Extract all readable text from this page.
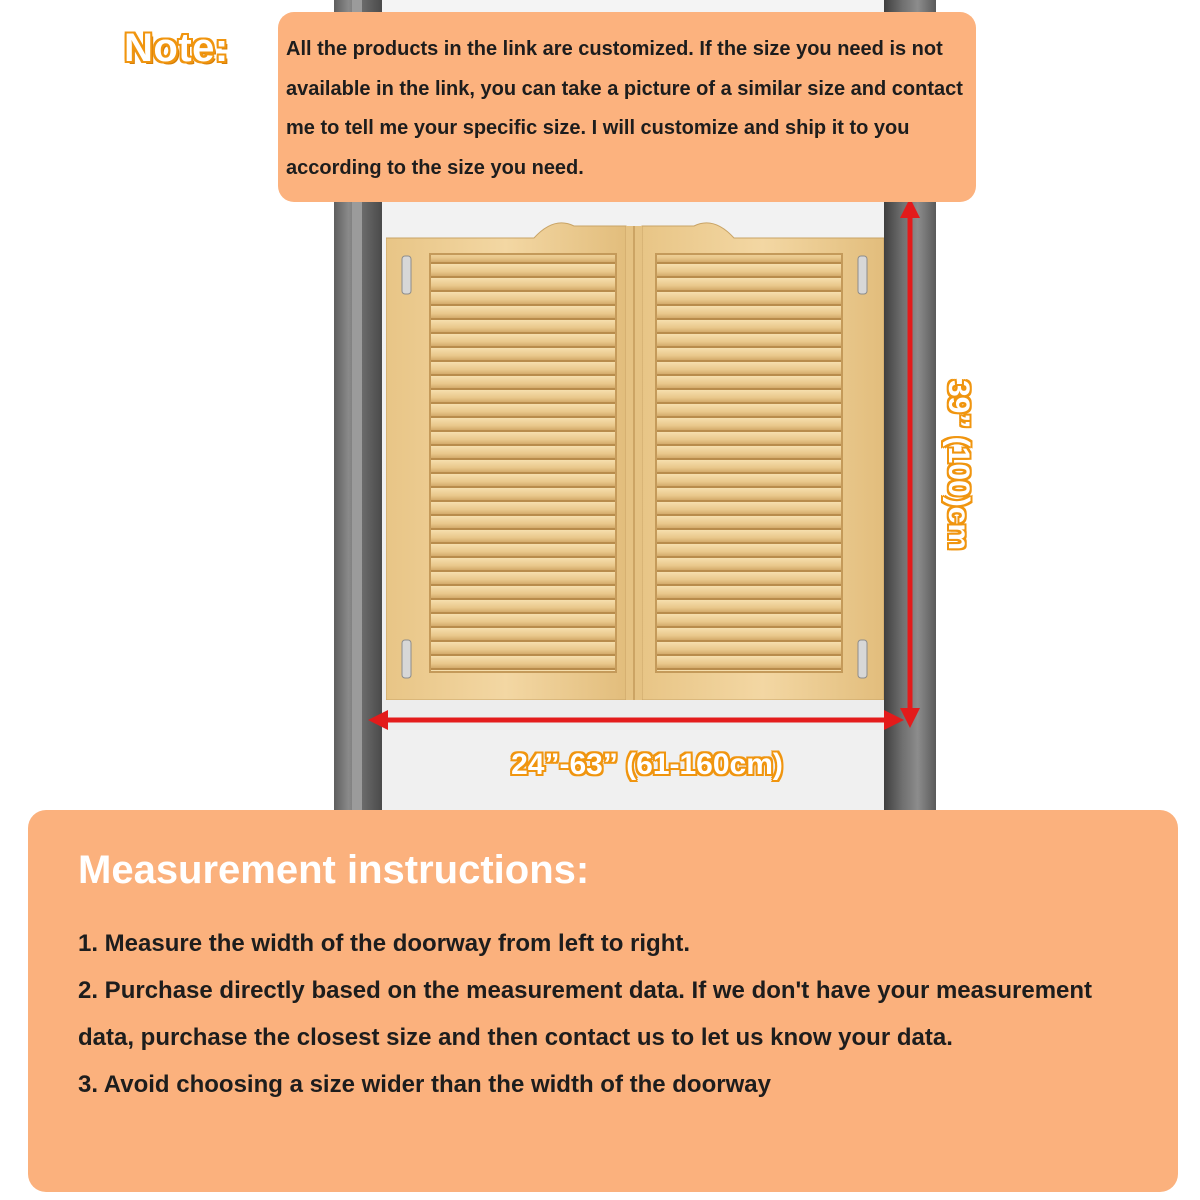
39” (100)cm
24”-63” (61-160cm)
Note:	All the products in the link are customized. If the size you need is not available in the link, you can take a picture of a similar size and contact me to tell me your specific size. I will customize and ship it to you according to the size you need.

Measurement instructions:
1. Measure the width of the doorway from left to right.
2. Purchase directly based on the measurement data. If we don't have your measurement data, purchase the closest size and then contact us to let us know your data.
3. Avoid choosing a size wider than the width of the doorway
